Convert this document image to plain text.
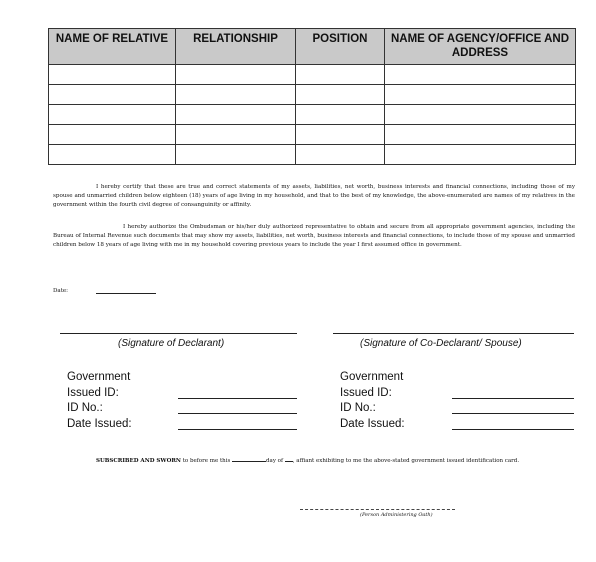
NAME OF RELATIVE	RELATIONSHIP	POSITION	NAME OF AGENCY/OFFICE AND ADDRESS

I hereby certify that these are true and correct statements of my assets, liabilities, net worth, business interests and financial connections, including those of my spouse and unmarried children below eighteen (18) years of age living in my household, and that to the best of my knowledge, the above-enumerated are names of my relatives in the government within the fourth civil degree of consanguinity or affinity.
I hereby authorize the Ombudsman or his/her duly authorized representative to obtain and secure from all appropriate government agencies, including the Bureau of Internal Revenue such documents that may show my assets, liabilities, net worth, business interests and financial connections, to include those of my spouse and unmarried children below 18 years of age living with me in my household covering previous years to include the year I first assumed office in government.
Date:
(Signature of Declarant)	(Signature of Co-Declarant/ Spouse)
Government
Issued ID:
ID No.:
Date Issued:
Government
Issued ID:
ID No.:
Date Issued:
SUBSCRIBED AND SWORN to before me this	day of , affiant exhibiting to me the above-stated government issued identification card.
(Person Administering Oath)
